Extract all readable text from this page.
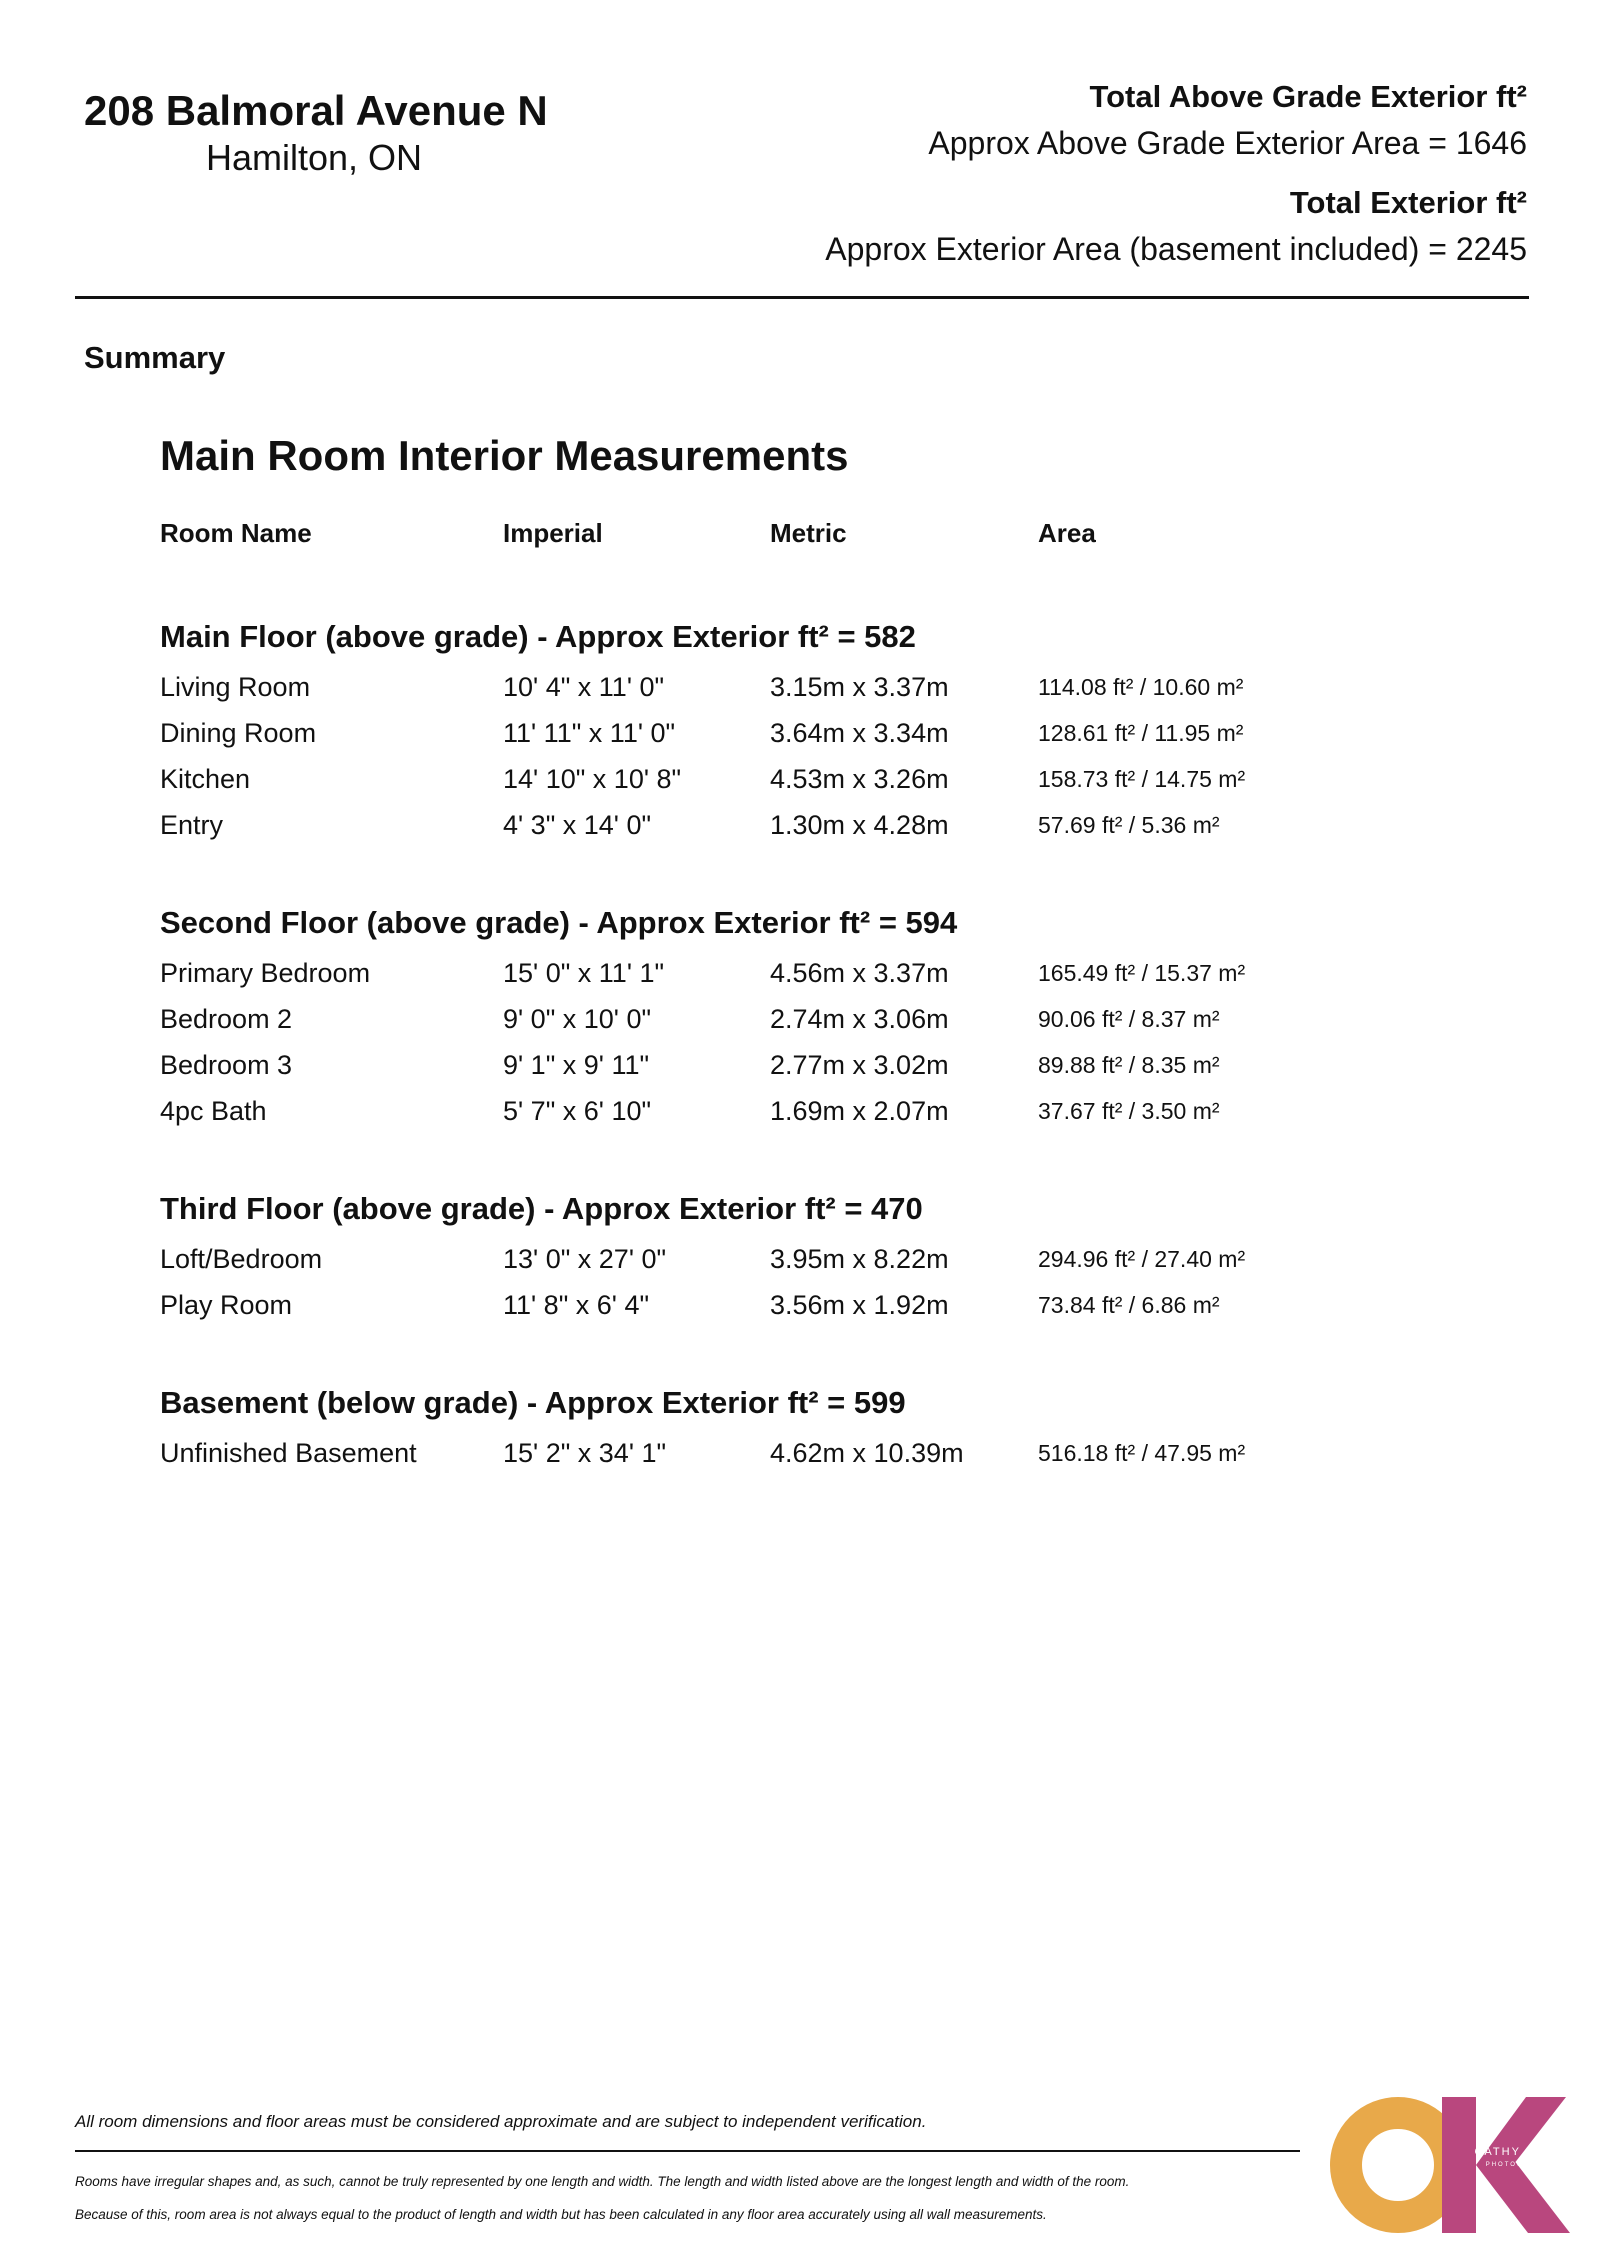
208 Balmoral Avenue N
Hamilton, ON
Total Above Grade Exterior ft²
Approx Above Grade Exterior Area = 1646
Total Exterior ft²
Approx Exterior Area (basement included) = 2245
Summary
Main Room Interior Measurements
Room Name	Imperial	Metric	Area
Main Floor (above grade) - Approx Exterior ft² = 582
Living Room	10' 4" x 11' 0"	3.15m x 3.37m	114.08 ft² / 10.60 m²
Dining Room	11' 11" x 11' 0"	3.64m x 3.34m	128.61 ft² / 11.95 m²
Kitchen	14' 10" x 10' 8"	4.53m x 3.26m	158.73 ft² / 14.75 m²
Entry	4' 3" x 14' 0"	1.30m x 4.28m	57.69 ft² / 5.36 m²
Second Floor (above grade) - Approx Exterior ft² = 594
Primary Bedroom	15' 0" x 11' 1"	4.56m x 3.37m	165.49 ft² / 15.37 m²
Bedroom 2	9' 0" x 10' 0"	2.74m x 3.06m	90.06 ft² / 8.37 m²
Bedroom 3	9' 1" x 9' 11"	2.77m x 3.02m	89.88 ft² / 8.35 m²
4pc Bath	5' 7" x 6' 10"	1.69m x 2.07m	37.67 ft² / 3.50 m²
Third Floor (above grade) - Approx Exterior ft² = 470
Loft/Bedroom	13' 0" x 27' 0"	3.95m x 8.22m	294.96 ft² / 27.40 m²
Play Room	11' 8" x 6' 4"	3.56m x 1.92m	73.84 ft² / 6.86 m²
Basement (below grade) - Approx Exterior ft² = 599
Unfinished Basement	15' 2" x 34' 1"	4.62m x 10.39m	516.18 ft² / 47.95 m²
All room dimensions and floor areas must be considered approximate and are subject to independent verification.
Rooms have irregular shapes and, as such, cannot be truly represented by one length and width. The length and width listed above are the longest length and width of the room.
Because of this, room area is not always equal to the product of length and width but has been calculated in any floor area accurately using all wall measurements.
CATHY KOOP
PHOTOGRAPHY
